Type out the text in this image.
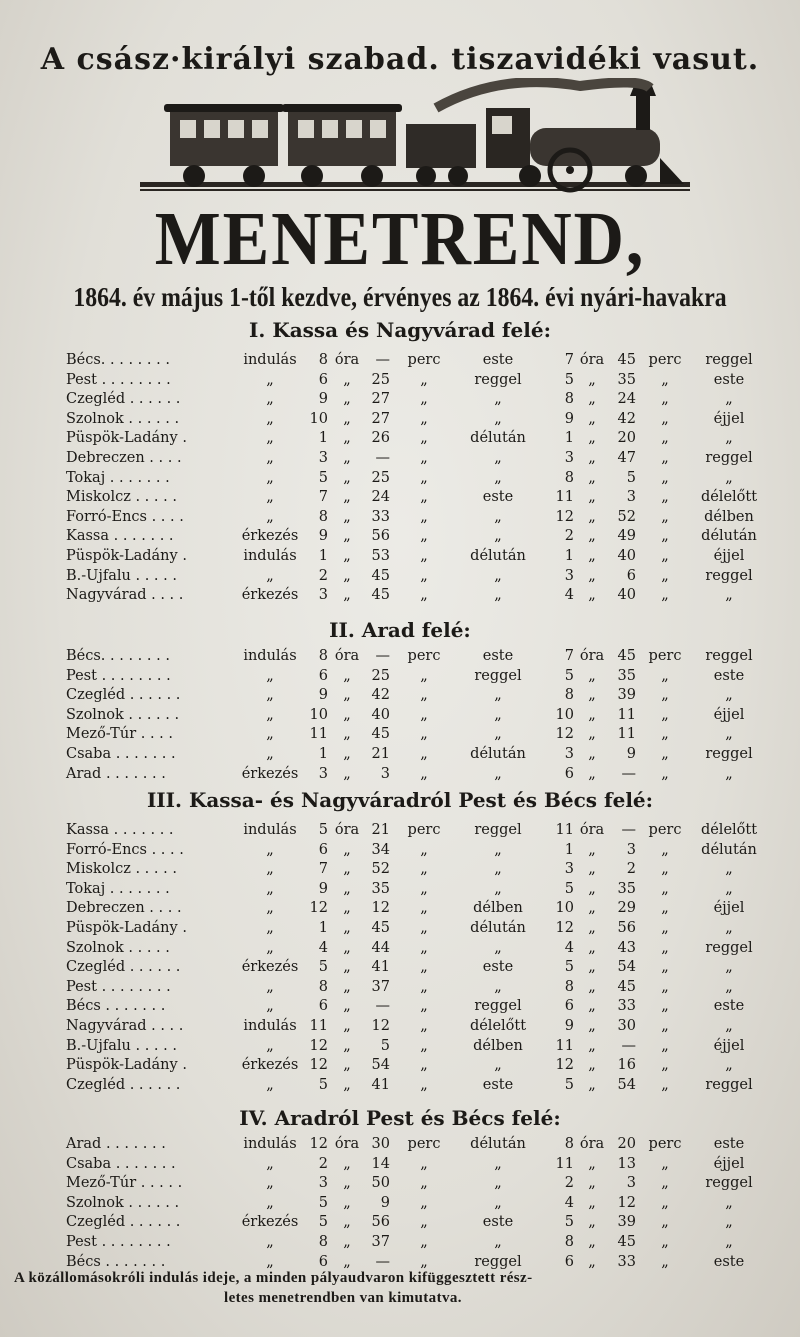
A csász·királyi szabad. tiszavidéki vasut.
MENETREND,
1864. év május 1-től kezdve, érvényes az 1864. évi nyári-havakra
I. Kassa és Nagyvárad felé:
Bécs. . . . . . . .	indulás	8 óra	—	perc	este	7 óra 45 perc	reggel
Pest . . . . . . . .	„	6	„	25	„	reggel	5 „	35	„	este
Czegléd . . . . . .	„	9	„	27	„	„	8 „	24	„	„
Szolnok . . . . . .	„	10	„	27	„	„	9 „	42	„	éjjel
Püspök-Ladány .	„	1	„	26	„	délután	1 „	20	„	„
Debreczen . . . .	„	3	„	—	„	„	3 „	47	„	reggel
Tokaj . . . . . . .	„	5	„	25	„	„	8 „	5	„	„
Miskolcz . . . . .	„	7	„	24	„	este	11 „	3	„	délelőtt
Forró-Encs . . . .	„	8	„	33	„	„	12 „	52	„	délben
Kassa . . . . . . .	érkezés	9	„	56	„	„	2 „	49	„	délután
Püspök-Ladány .	indulás	1	„	53	„	délután	1 „	40	„	éjjel
B.-Ujfalu . . . . .	„	2	„	45	„	„	3 „	6	„	reggel
Nagyvárad . . . .	érkezés	3	„	45	„	„	4 „	40	„	„
II. Arad felé:
Bécs. . . . . . . .	indulás	8 óra	—	perc	este	7 óra 45 perc	reggel
Pest . . . . . . . .	„	6	„	25	„	reggel	5 „	35	„	este
Czegléd . . . . . .	„	9	„	42	„	„	8 „	39	„	„
Szolnok . . . . . .	„	10	„	40	„	„	10 „	11	„	éjjel
Mező-Túr . . . .	„	11	„	45	„	„	12 „	11	„	„
Csaba . . . . . . .	„	1	„	21	„	délután	3 „	9	„	reggel
Arad . . . . . . .	érkezés	3	„	3	„	„	6 „	—	„	„
III. Kassa- és Nagyváradról Pest és Bécs felé:
Kassa . . . . . . .	indulás	5 óra 21	perc	reggel	11 óra	— perc	délelőtt
Forró-Encs . . . .	„	6	„	34	„	„	1 „	3	„	délután
Miskolcz . . . . .	„	7	„	52	„	„	3 „	2	„	„
Tokaj . . . . . . .	„	9	„	35	„	„	5 „	35	„	„
Debreczen . . . .	„	12	„	12	„	délben	10 „	29	„	éjjel
Püspök-Ladány .	„	1	„	45	„	délután	12 „	56	„	„
Szolnok . . . . .	„	4	„	44	„	„	4 „	43	„	reggel
Czegléd . . . . . .	érkezés	5	„	41	„	este	5 „	54	„	„
Pest . . . . . . . .	„	8	„	37	„	„	8 „	45	„	„
Bécs . . . . . . .	„	6	„	—	„	reggel	6 „	33	„	este
Nagyvárad . . . .	indulás 11	„	12	„	délelőtt	9 „	30	„	„
B.-Ujfalu . . . . .	„	12	„	5	„	délben	11 „	—	„	éjjel
Püspök-Ladány .	érkezés 12	„	54	„	„	12 „	16	„	„
Czegléd . . . . . .	„	5	„	41	„	este	5 „	54	„	reggel
IV. Aradról Pest és Bécs felé:
Arad . . . . . . .	indulás 12 óra 30	perc	délután	8 óra 20 perc	este
Csaba . . . . . . .	„	2	„	14	„	„	11 „	13	„	éjjel
Mező-Túr . . . . .	„	3	„	50	„	„	2 „	3	„	reggel
Szolnok . . . . . .	„	5	„	9	„	„	4 „	12	„	„
Czegléd . . . . . .	érkezés	5	„	56	„	este	5 „	39	„	„
Pest . . . . . . . .	„	8	„	37	„	„	8 „	45	„	„
Bécs . . . . . . .	„	6	„	—	„	reggel	6 „	33	„	este
A közállomásokróli indulás ideje, a minden pályaudvaron kifüggesztett rész-
letes menetrendben van kimutatva.
